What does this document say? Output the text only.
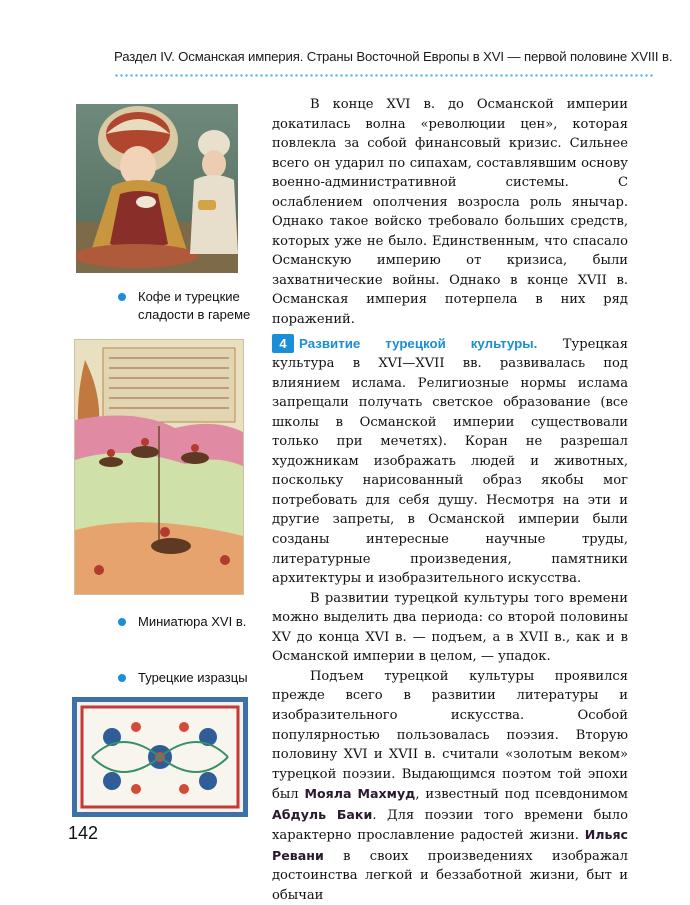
Раздел IV. Османская империя. Страны Восточной Европы в XVI — первой половине XVIII в.
Кофе и турецкие
сладости в гареме
Миниатюра XVI в.
Турецкие изразцы

В конце XVI в. до Османской империи докатилась волна «революции цен», которая повлекла за собой финансовый кризис. Сильнее всего он ударил по сипахам, составлявшим основу военно-административной системы. С ослаблением ополчения возросла роль янычар. Однако такое войско требовало больших средств, которых уже не было. Единственным, что спасало Османскую империю от кризиса, были захватнические войны. Однако в конце XVII в. Османская империя потерпела в них ряд поражений.

4 Развитие турецкой культуры. Турецкая культура в XVI—XVII вв. развивалась под влиянием ислама. Религиозные нормы ислама запрещали получать светское образование (все школы в Османской империи существовали только при мечетях). Коран не разрешал художникам изображать людей и животных, поскольку нарисованный образ якобы мог потребовать для себя душу. Несмотря на эти и другие запреты, в Османской империи были созданы интересные научные труды, литературные произведения, памятники архитектуры и изобразительного искусства.

В развитии турецкой культуры того времени можно выделить два периода: со второй половины XV до конца XVI в. — подъем, а в XVII в., как и в Османской империи в целом, — упадок.

Подъем турецкой культуры проявился прежде всего в развитии литературы и изобразительного искусства. Особой популярностью пользовалась поэзия. Вторую половину XVI и XVII в. считали «золотым веком» турецкой поэзии. Выдающимся поэтом той эпохи был Мояла Махмуд, известный под псевдонимом Абдуль Баки. Для поэзии того времени было характерно прославление радостей жизни. Ильяс Ревани в своих произведениях изображал достоинства легкой и беззаботной жизни, быт и обычаи

142
